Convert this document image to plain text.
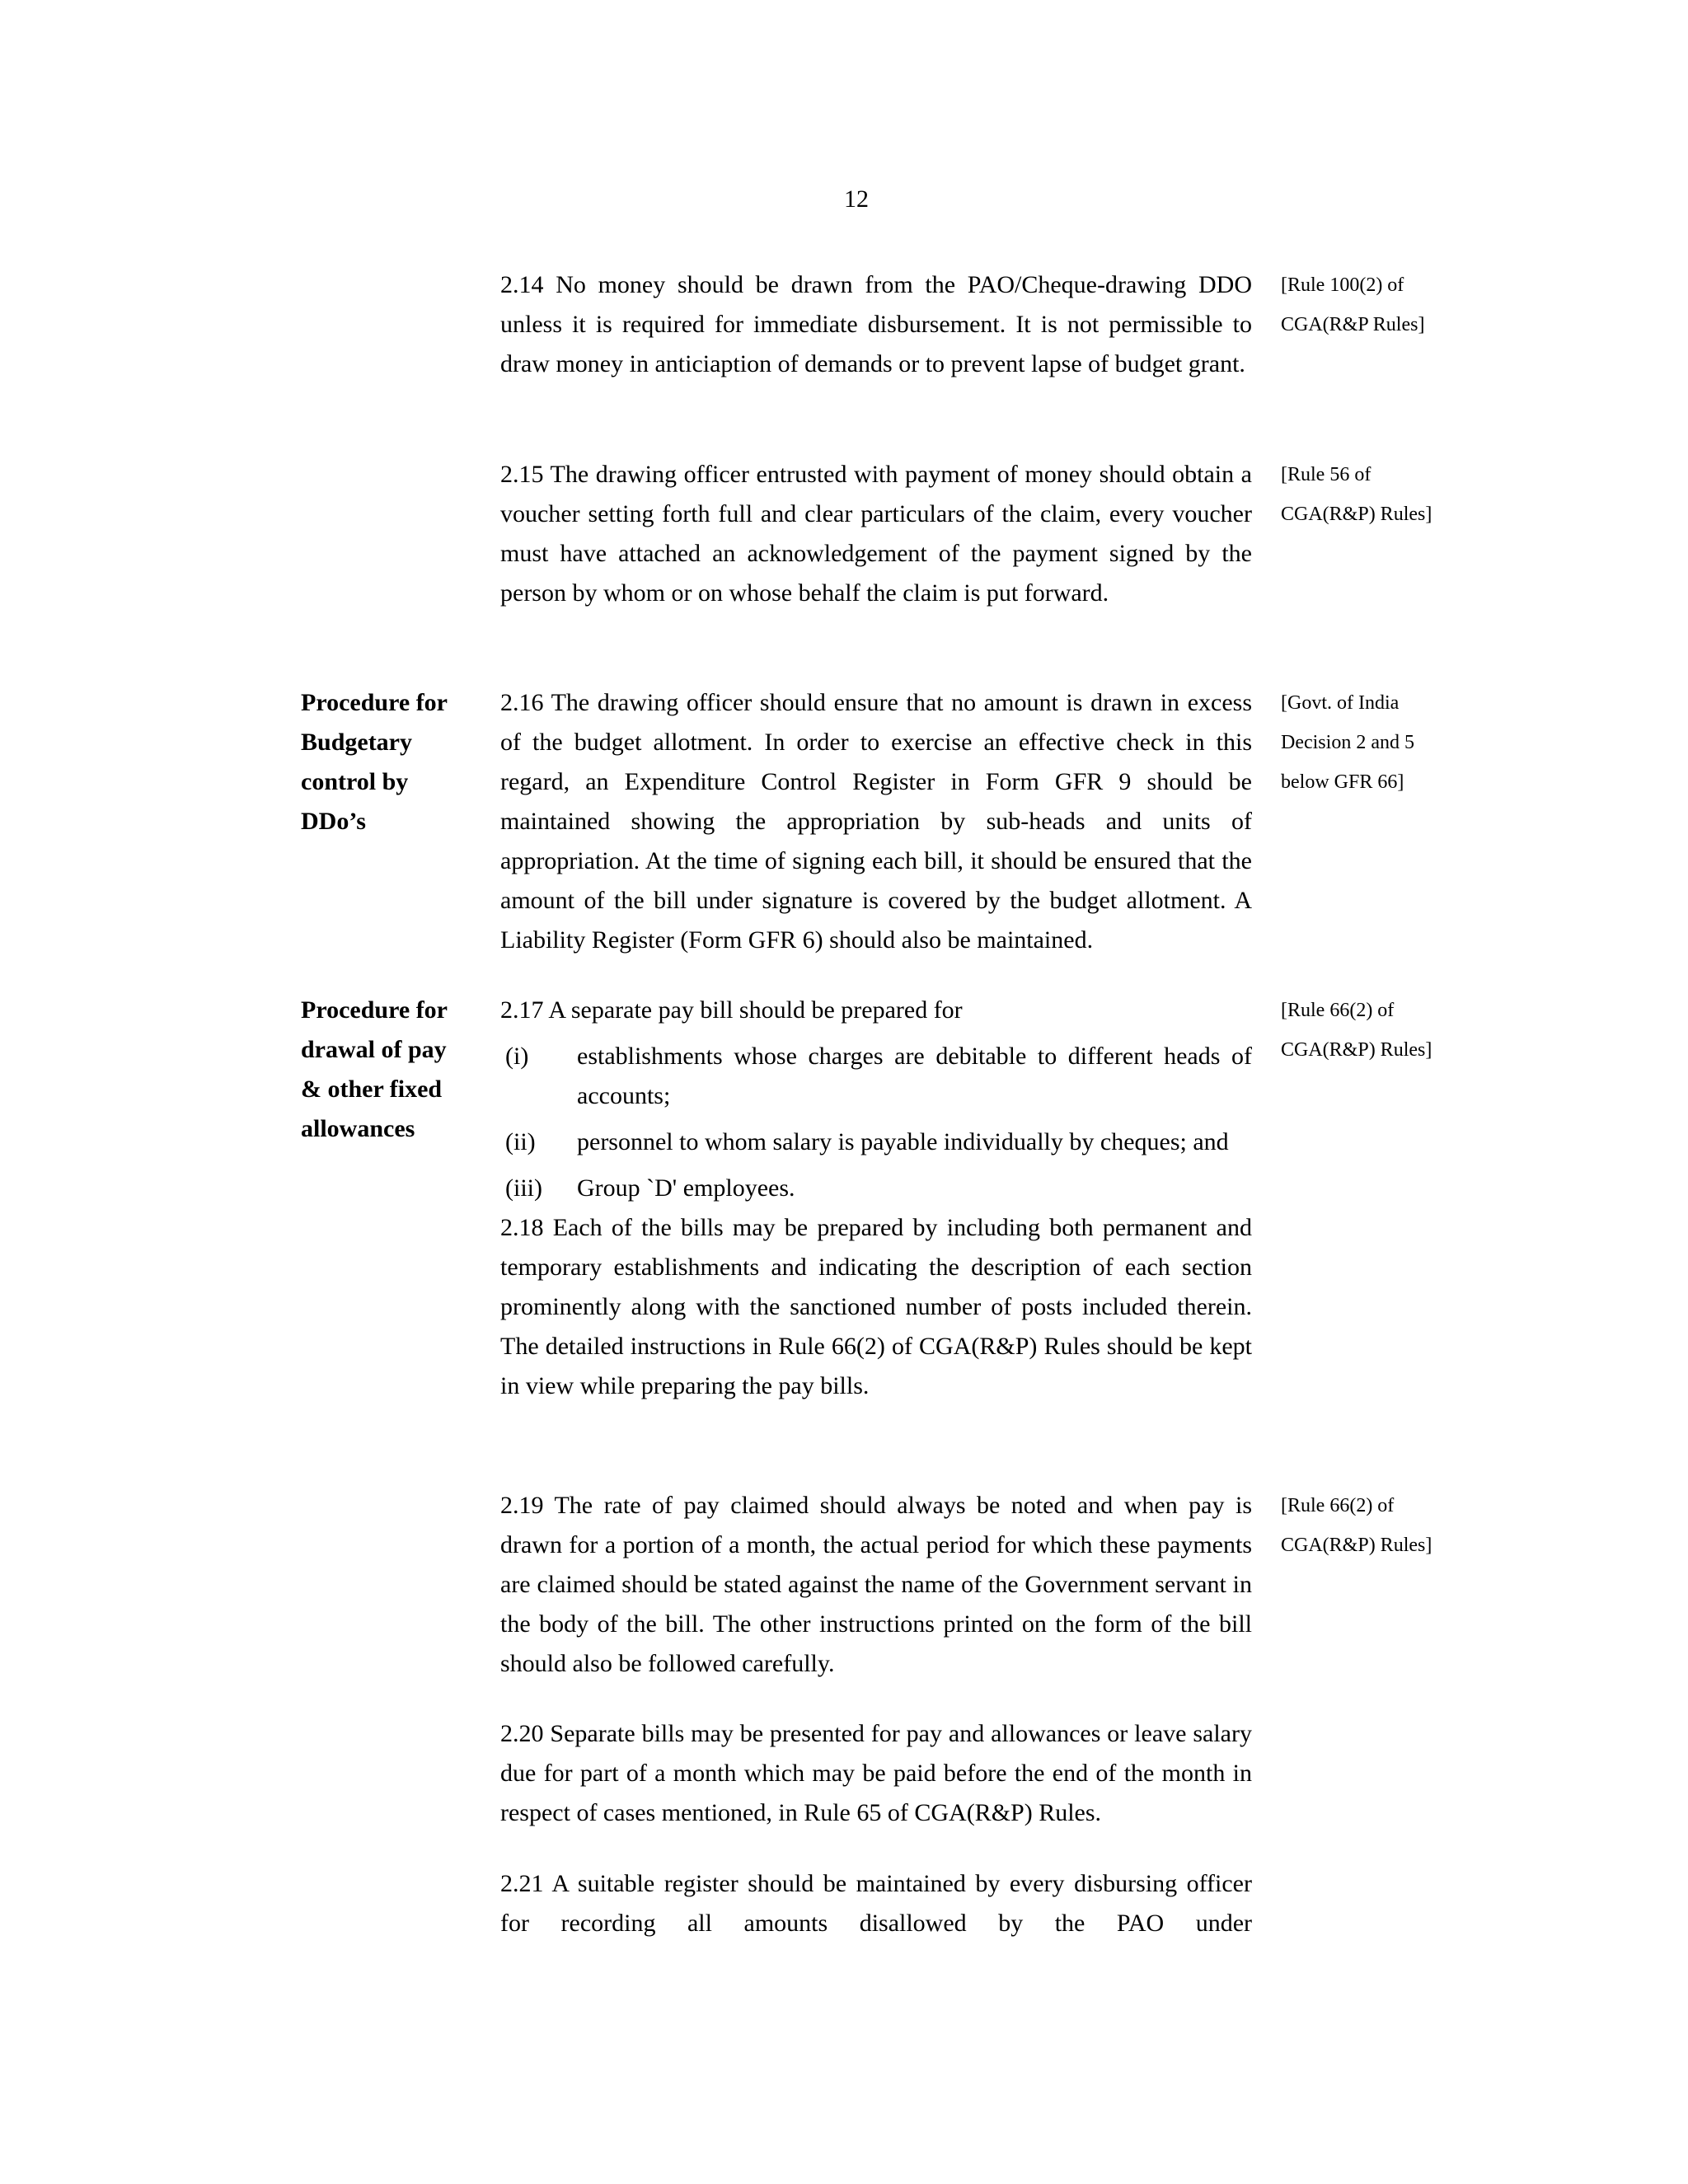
12

2.14 No money should be drawn from the PAO/Cheque-drawing DDO unless it is required for immediate disbursement. It is not permissible to draw money in anticiaption of demands or to prevent lapse of budget grant.

[Rule 100(2) of
CGA(R&P Rules]

2.15 The drawing officer entrusted with payment of money should obtain a voucher setting forth full and clear particulars of the claim, every voucher must have attached an acknowledgement of the payment signed by the person by whom or on whose behalf the claim is put forward.

[Rule 56 of
CGA(R&P) Rules]
Procedure for
Budgetary
control by
DDo’s

2.16 The drawing officer should ensure that no amount is drawn in excess of the budget allotment. In order to exercise an effective check in this regard, an Expenditure Control Register in Form GFR 9 should be maintained showing the appropriation by sub-heads and units of appropriation. At the time of signing each bill, it should be ensured that the amount of the bill under signature is covered by the budget allotment. A Liability Register (Form GFR 6) should also be maintained.

[Govt. of India
Decision 2 and 5
below GFR 66]
Procedure for
drawal of pay
& other fixed
allowances

2.17 A separate pay bill should be prepared for

(i) establishments whose charges are debitable to different heads of accounts;
(ii) personnel to whom salary is payable individually by cheques; and
(iii) Group `D' employees.

2.18 Each of the bills may be prepared by including both permanent and temporary establishments and indicating the description of each section prominently along with the sanctioned number of posts included therein. The detailed instructions in Rule 66(2) of CGA(R&P) Rules should be kept in view while preparing the pay bills.

[Rule 66(2) of
CGA(R&P) Rules]

2.19 The rate of pay claimed should always be noted and when pay is drawn for a portion of a month, the actual period for which these payments are claimed should be stated against the name of the Government servant in the body of the bill. The other instructions printed on the form of the bill should also be followed carefully.

[Rule 66(2) of
CGA(R&P) Rules]

2.20 Separate bills may be presented for pay and allowances or leave salary due for part of a month which may be paid before the end of the month in respect of cases mentioned, in Rule 65 of CGA(R&P) Rules.

2.21 A suitable register should be maintained by every disbursing officer for recording all amounts disallowed by the PAO under
